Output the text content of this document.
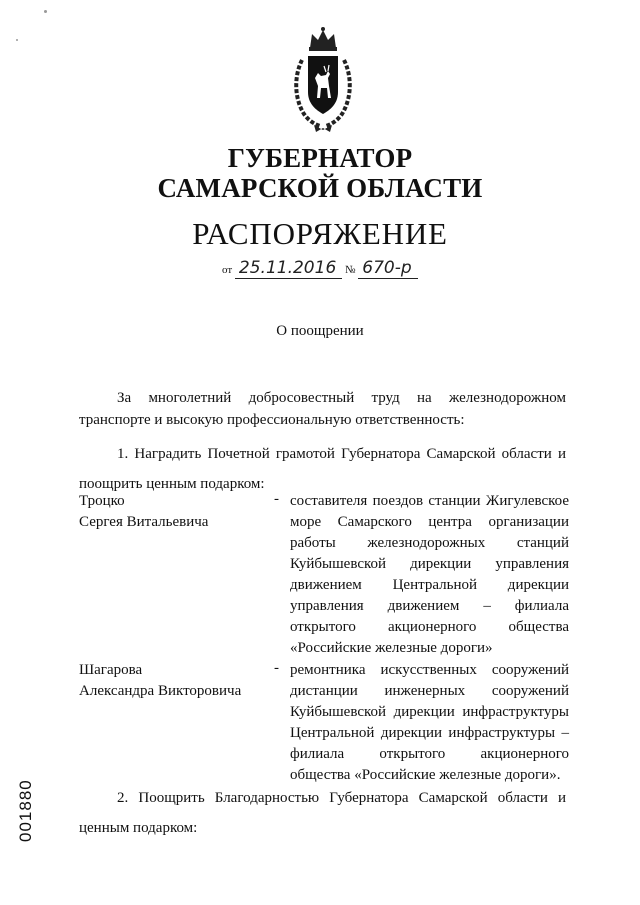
ГУБЕРНАТОР
САМАРСКОЙ ОБЛАСТИ
РАСПОРЯЖЕНИЕ
от 25.11.2016 № 670-р
О поощрении
За многолетний добросовестный труд на железнодорожном транспорте и высокую профессиональную ответственность:
1. Наградить Почетной грамотой Губернатора Самарской области и поощрить ценным подарком:
Троцко
Сергея Витальевича
- составителя поездов станции Жигулевское море Самарского центра организации работы железнодорожных станций Куйбышевской дирекции управления движением Центральной дирекции управления движением – филиала открытого акционерного общества «Российские железные дороги»
Шагарова
Александра Викторовича
- ремонтника искусственных сооружений дистанции инженерных сооружений Куйбышевской дирекции инфраструктуры Центральной дирекции инфраструктуры – филиала открытого акционерного общества «Российские железные дороги».
2. Поощрить Благодарностью Губернатора Самарской области и ценным подарком:
001880
